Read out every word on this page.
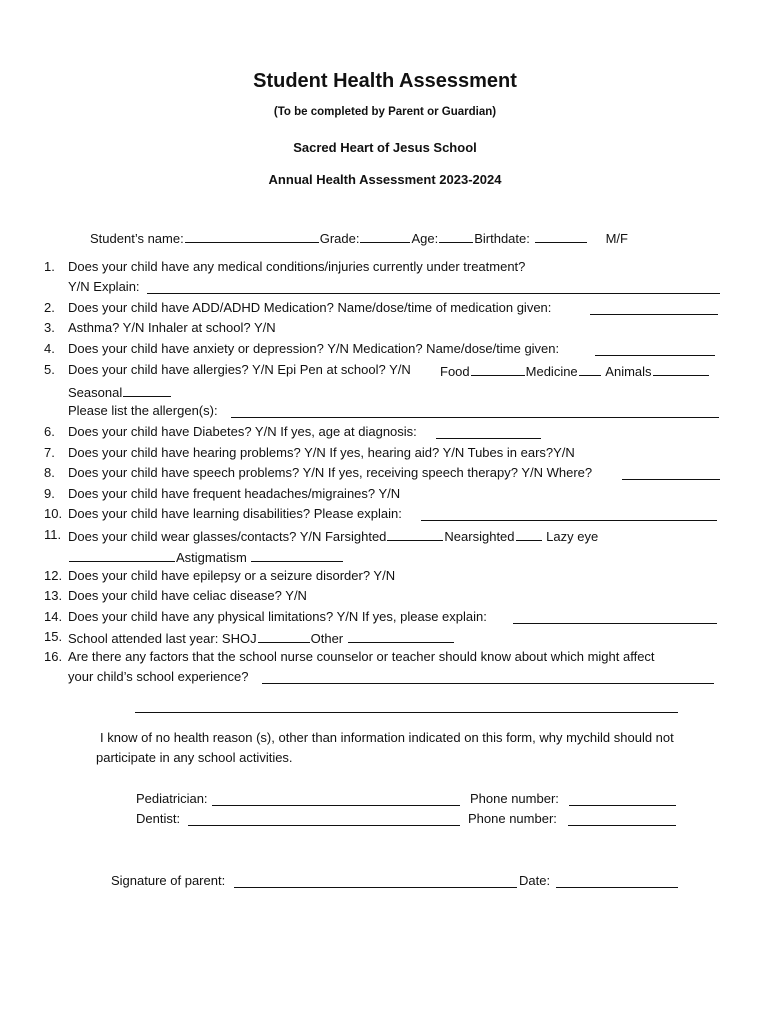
Student Health Assessment
(To be completed by Parent or Guardian)
Sacred Heart of Jesus School
Annual Health Assessment 2023-2024
Student’s name:	Grade:	Age:	Birthdate:	M/F
1. Does your child have any medical conditions/injuries currently under treatment?
Y/N Explain:
2. Does your child have ADD/ADHD Medication? Name/dose/time of medication given:
3. Asthma? Y/N Inhaler at school? Y/N
4. Does your child have anxiety or depression? Y/N Medication? Name/dose/time given:
5. Does your child have allergies? Y/N Epi Pen at school? Y/N Food	Medicine Animals
Seasonal
Please list the allergen(s):
6. Does your child have Diabetes? Y/N If yes, age at diagnosis:
7. Does your child have hearing problems? Y/N If yes, hearing aid? Y/N Tubes in ears?Y/N
8. Does your child have speech problems? Y/N If yes, receiving speech therapy? Y/N Where?
9. Does your child have frequent headaches/migraines? Y/N
10. Does your child have learning disabilities? Please explain:
11. Does your child wear glasses/contacts? Y/N Farsighted	Nearsighted Lazy eye
Astigmatism
12. Does your child have epilepsy or a seizure disorder? Y/N
13. Does your child have celiac disease? Y/N
14. Does your child have any physical limitations? Y/N If yes, please explain:
15. School attended last year: SHOJ	Other
16. Are there any factors that the school nurse counselor or teacher should know about which might affect
your child’s school experience?
I know of no health reason (s), other than information indicated on this form, why mychild should not
participate in any school activities.
Pediatrician:	Phone number:
Dentist:	Phone number:
Signature of parent:	Date:
